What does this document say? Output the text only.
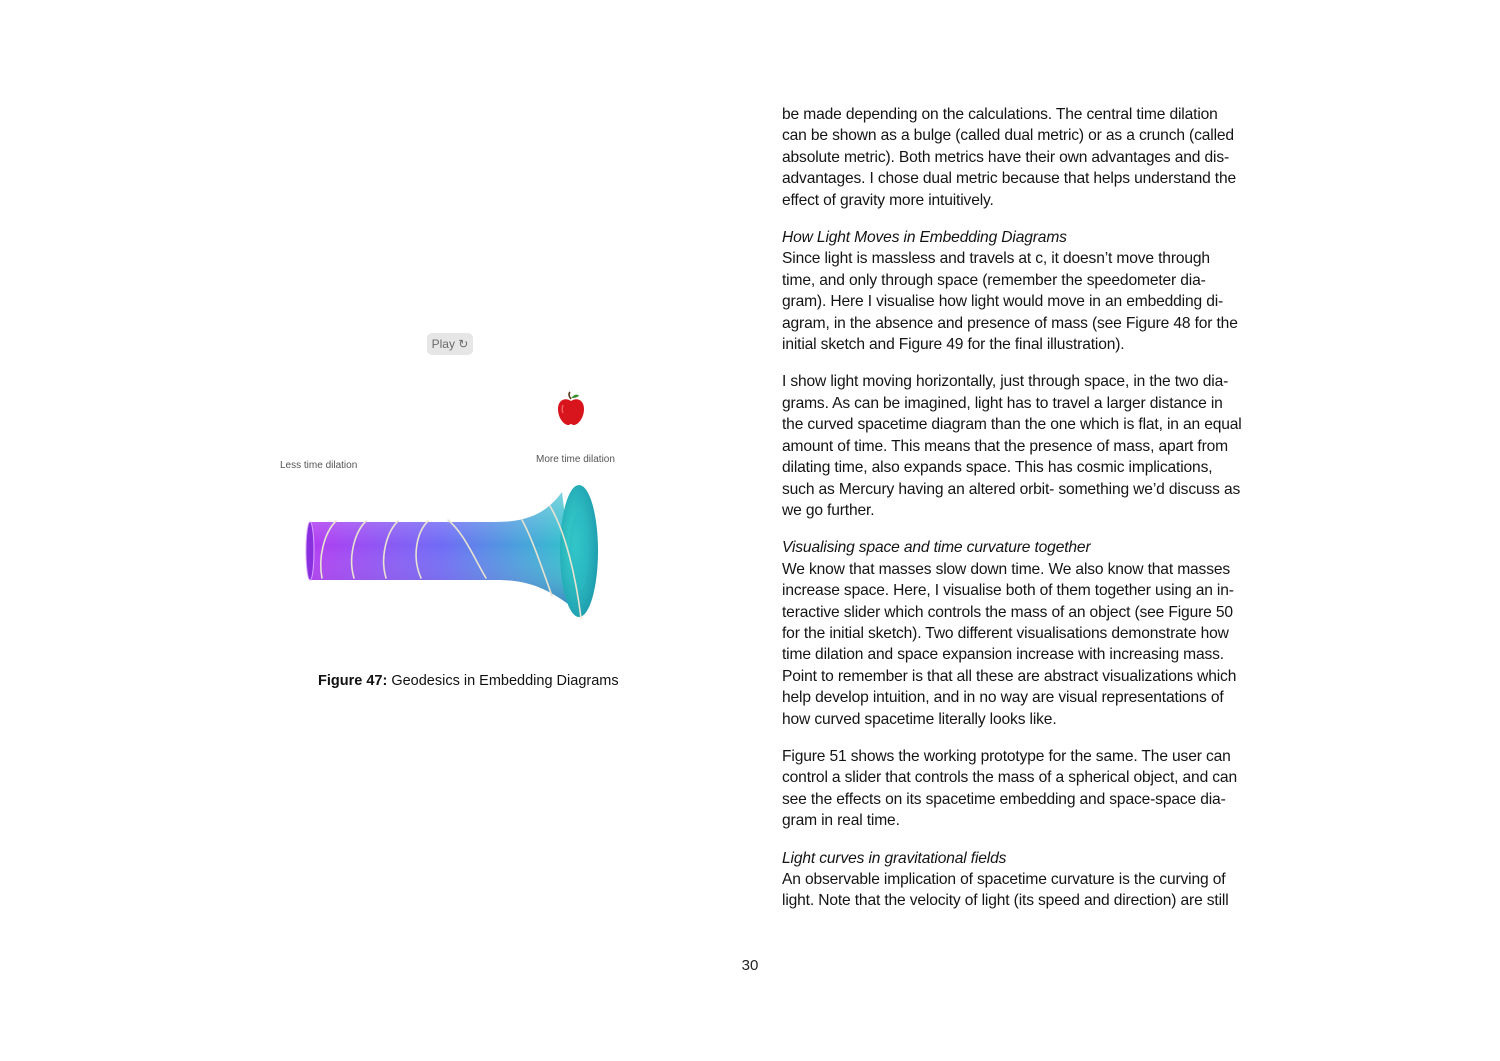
Play ↻
Less time dilation
More time dilation
Figure 47: Geodesics in Embedding Diagrams

be made depending on the calculations. The central time dilation
can be shown as a bulge (called dual metric) or as a crunch (called
absolute metric). Both metrics have their own advantages and dis-
advantages. I chose dual metric because that helps understand the
effect of gravity more intuitively.

How Light Moves in Embedding Diagrams
Since light is massless and travels at c, it doesn’t move through
time, and only through space (remember the speedometer dia-
gram). Here I visualise how light would move in an embedding di-
agram, in the absence and presence of mass (see Figure 48 for the
initial sketch and Figure 49 for the final illustration).

I show light moving horizontally, just through space, in the two dia-
grams. As can be imagined, light has to travel a larger distance in
the curved spacetime diagram than the one which is flat, in an equal
amount of time. This means that the presence of mass, apart from
dilating time, also expands space. This has cosmic implications,
such as Mercury having an altered orbit- something we’d discuss as
we go further.

Visualising space and time curvature together
We know that masses slow down time. We also know that masses
increase space. Here, I visualise both of them together using an in-
teractive slider which controls the mass of an object (see Figure 50
for the initial sketch). Two different visualisations demonstrate how
time dilation and space expansion increase with increasing mass.
Point to remember is that all these are abstract visualizations which
help develop intuition, and in no way are visual representations of
how curved spacetime literally looks like.

Figure 51 shows the working prototype for the same. The user can
control a slider that controls the mass of a spherical object, and can
see the effects on its spacetime embedding and space-space dia-
gram in real time.

Light curves in gravitational fields
An observable implication of spacetime curvature is the curving of
light. Note that the velocity of light (its speed and direction) are still

30
